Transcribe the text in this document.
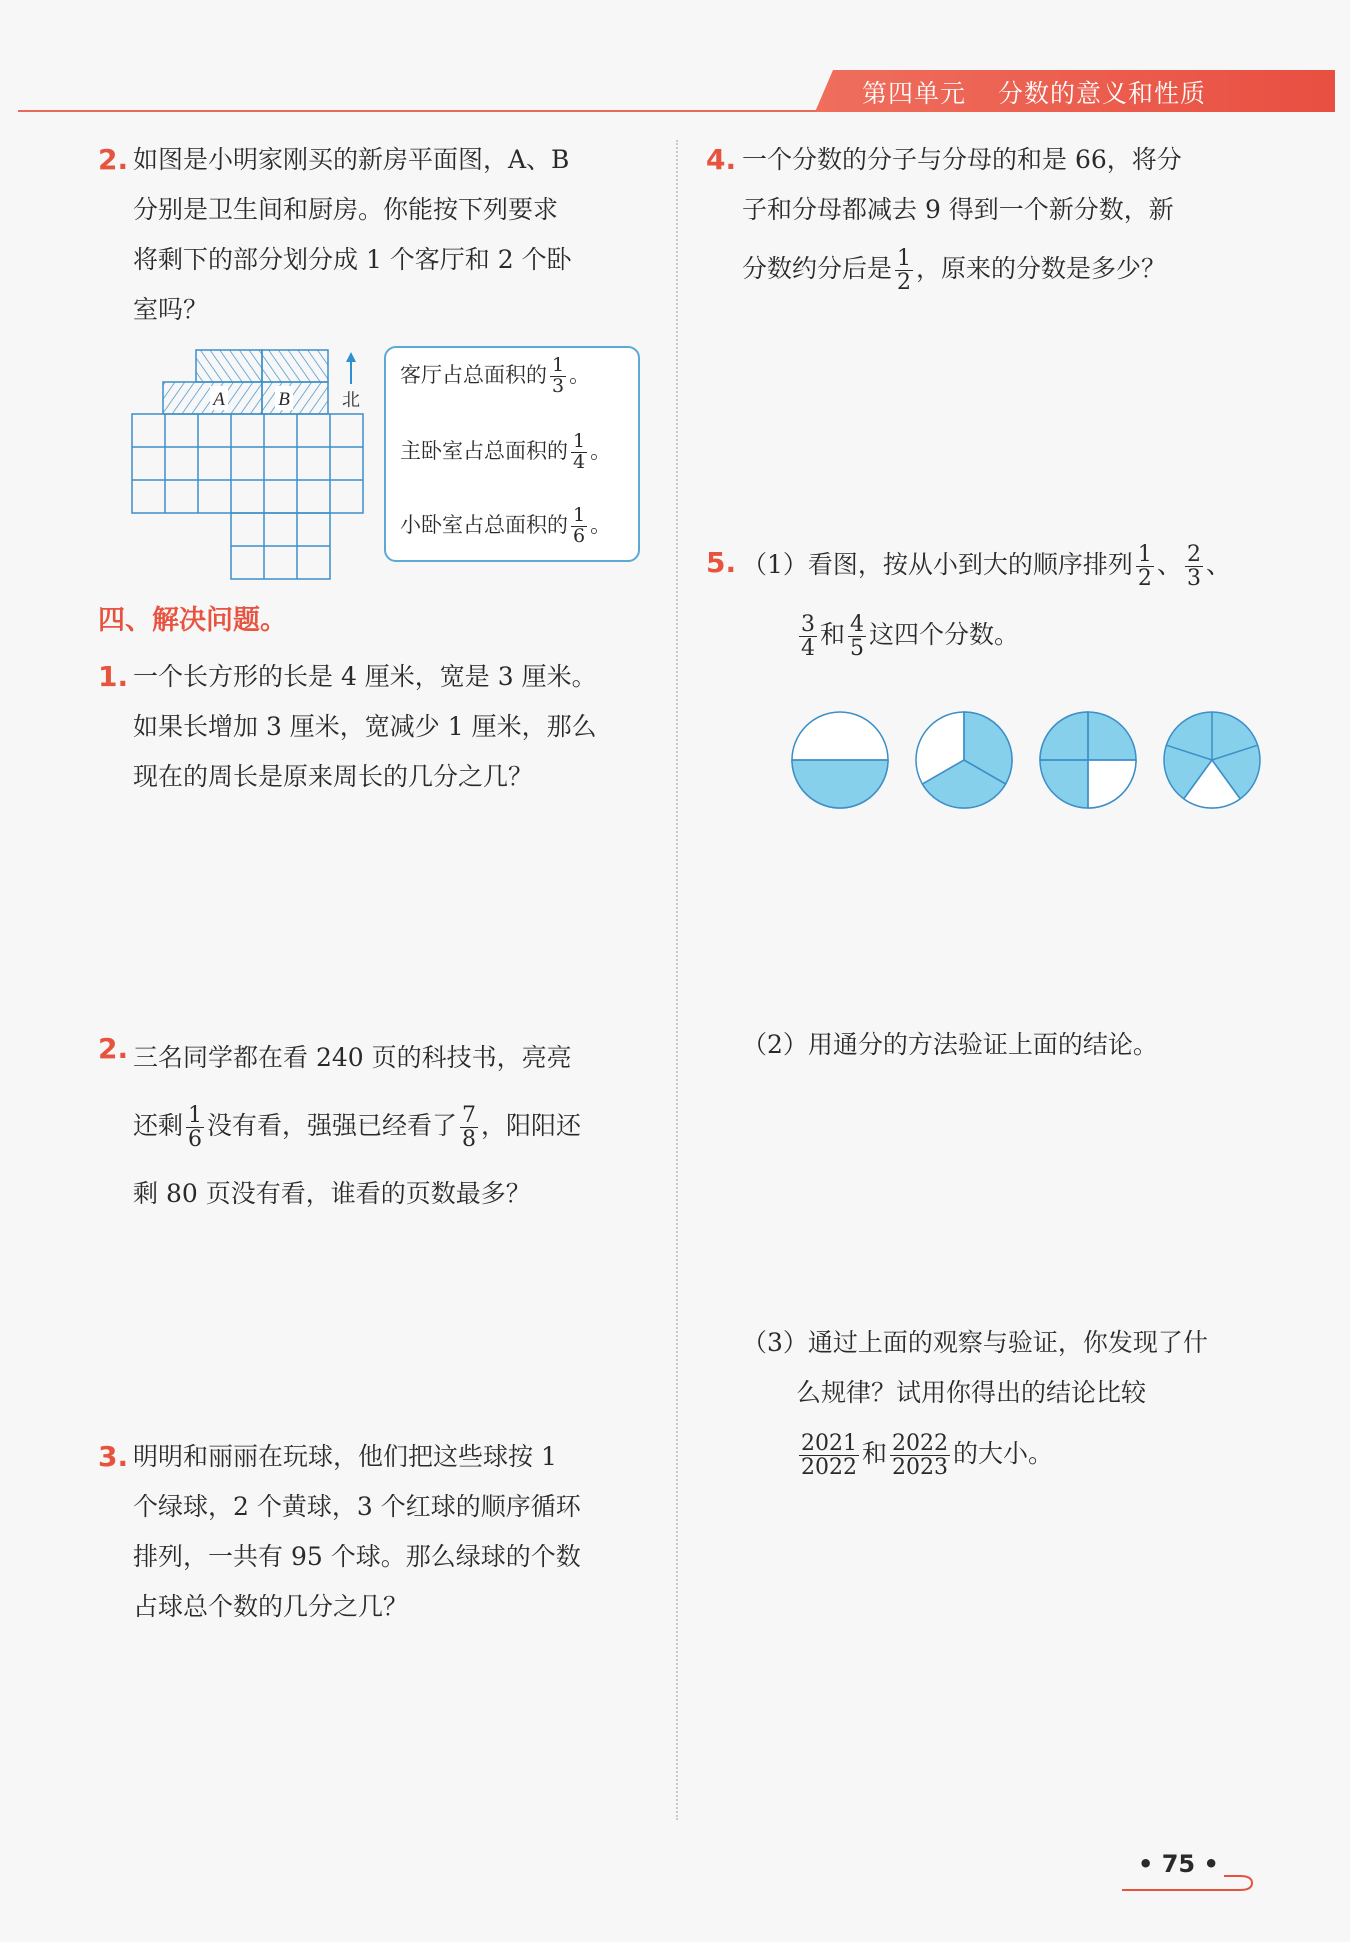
第四单元 分数的意义和性质
2. 如图是小明家刚买的新房平面图，A、B
分别是卫生间和厨房。你能按下列要求
将剩下的部分划分成 1 个客厅和 2 个卧
室吗？
A	B	北
客厅占总面积的 $\frac{1}{3}$ 。
主卧室占总面积的 $\frac{1}{4}$ 。
小卧室占总面积的 $\frac{1}{6}$ 。
四、解决问题。
1. 一个长方形的长是 4 厘米，宽是 3 厘米。
如果长增加 3 厘米，宽减少 1 厘米，那么
现在的周长是原来周长的几分之几？
2. 三名同学都在看 240 页的科技书，亮亮
还剩 $\frac{1}{6}$ 没有看，强强已经看了 $\frac{7}{8}$ ，阳阳还
剩 80 页没有看，谁看的页数最多？
3. 明明和丽丽在玩球，他们把这些球按 1
个绿球，2 个黄球，3 个红球的顺序循环
排列，一共有 95 个球。那么绿球的个数
占球总个数的几分之几？
4. 一个分数的分子与分母的和是 66，将分
子和分母都减去 9 得到一个新分数，新
分数约分后是 $\frac{1}{2}$ ，原来的分数是多少？
5. （1）看图，按从小到大的顺序排列 $\frac{1}{2}$ 、 $\frac{2}{3}$ 、
$\frac{3}{4}$ 和 $\frac{4}{5}$ 这四个分数。
（2）用通分的方法验证上面的结论。
（3）通过上面的观察与验证，你发现了什
么规律？试用你得出的结论比较
$\frac{2021}{2022}$ 和 $\frac{2022}{2023}$ 的大小。
• 75 •
